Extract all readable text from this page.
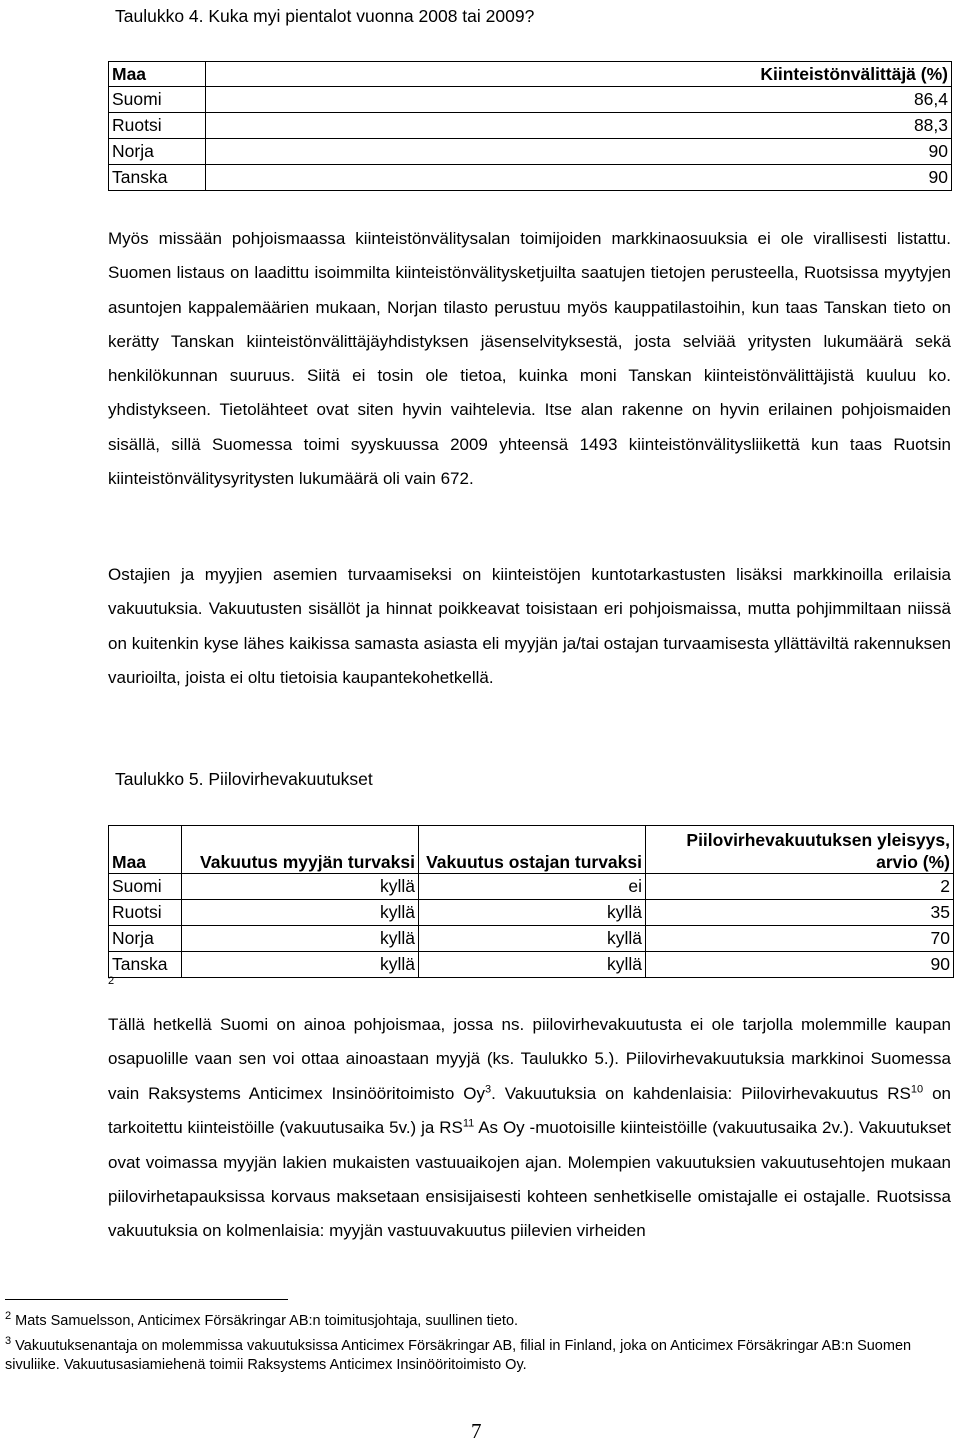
Taulukko 4. Kuka myi pientalot vuonna 2008 tai 2009?
Maa	Kiinteistönvälittäjä (%)
Suomi	86,4
Ruotsi	88,3
Norja	90
Tanska	90

Myös missään pohjoismaassa kiinteistönvälitysalan toimijoiden markkinaosuuksia ei ole virallisesti listattu. Suomen listaus on laadittu isoimmilta kiinteistönvälitysketjuilta saatujen tietojen perusteella, Ruotsissa myytyjen asuntojen kappalemäärien mukaan, Norjan tilasto perustuu myös kauppatilastoihin, kun taas Tanskan tieto on kerätty Tanskan kiinteistönvälittäjäyhdistyksen jäsenselvityksestä, josta selviää yritysten lukumäärä sekä henkilökunnan suuruus. Siitä ei tosin ole tietoa, kuinka moni Tanskan kiinteistönvälittäjistä kuuluu ko. yhdistykseen. Tietolähteet ovat siten hyvin vaihtelevia. Itse alan rakenne on hyvin erilainen pohjoismaiden sisällä, sillä Suomessa toimi syyskuussa 2009 yhteensä 1493 kiinteistönvälitysliikettä kun taas Ruotsin kiinteistönvälitysyritysten lukumäärä oli vain 672.

Ostajien ja myyjien asemien turvaamiseksi on kiinteistöjen kuntotarkastusten lisäksi markkinoilla erilaisia vakuutuksia. Vakuutusten sisällöt ja hinnat poikkeavat toisistaan eri pohjoismaissa, mutta pohjimmiltaan niissä on kuitenkin kyse lähes kaikissa samasta asiasta eli myyjän ja/tai ostajan turvaamisesta yllättäviltä rakennuksen vaurioilta, joista ei oltu tietoisia kaupantekohetkellä.

Taulukko 5. Piilovirhevakuutukset
Maa	Vakuutus myyjän turvaksi	Vakuutus ostajan turvaksi	Piilovirhevakuutuksen yleisyys, arvio (%)
Suomi	kyllä	ei	2
Ruotsi	kyllä	kyllä	35
Norja	kyllä	kyllä	70
Tanska	kyllä	kyllä	90
2

Tällä hetkellä Suomi on ainoa pohjoismaa, jossa ns. piilovirhevakuutusta ei ole tarjolla molemmille kaupan osapuolille vaan sen voi ottaa ainoastaan myyjä (ks. Taulukko 5.). Piilovirhevakuutuksia markkinoi Suomessa vain Raksystems Anticimex Insinööritoimisto Oy$^3$. Vakuutuksia on kahdenlaisia: Piilovirhevakuutus RS$^{10}$ on tarkoitettu kiinteistöille (vakuutusaika 5v.) ja RS$^{11}$ As Oy -muotoisille kiinteistöille (vakuutusaika 2v.). Vakuutukset ovat voimassa myyjän lakien mukaisten vastuuaikojen ajan. Molempien vakuutuksien vakuutusehtojen mukaan piilovirhetapauksissa korvaus maksetaan ensisijaisesti kohteen senhetkiselle omistajalle ei ostajalle. Ruotsissa vakuutuksia on kolmenlaisia: myyjän vastuuvakuutus piilevien virheiden

$^2$ Mats Samuelsson, Anticimex Försäkringar AB:n toimitusjohtaja, suullinen tieto.
$^3$ Vakuutuksenantaja on molemmissa vakuutuksissa Anticimex Försäkringar AB, filial in Finland, joka on Anticimex Försäkringar AB:n Suomen sivuliike. Vakuutusasiamiehenä toimii Raksystems Anticimex Insinööritoimisto Oy.
7
